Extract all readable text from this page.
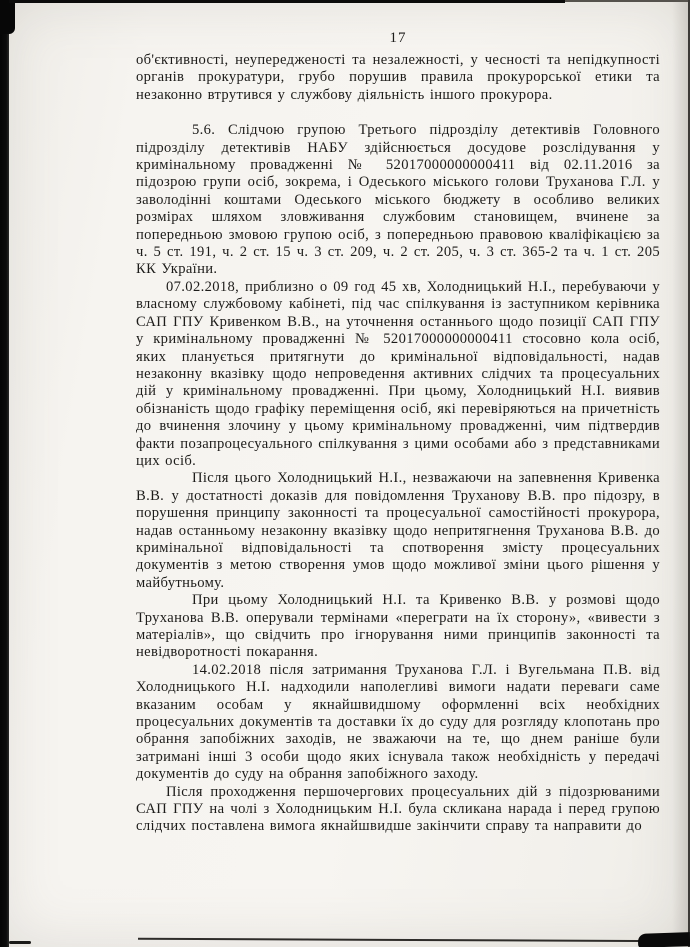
17

об'єктивності, неупередженості та незалежності, у чесності та непідкупності органів прокуратури, грубо порушив правила прокурорської етики та незаконно втрутився у службову діяльність іншого прокурора.

5.6. Слідчою групою Третього підрозділу детективів Головного підрозділу детективів НАБУ здійснюється досудове розслідування у кримінальному провадженні № 52017000000000411 від 02.11.2016 за підозрою групи осіб, зокрема, і Одеського міського голови Труханова Г.Л. у заволодінні коштами Одеського міського бюджету в особливо великих розмірах шляхом зловживання службовим становищем, вчинене за попередньою змовою групою осіб, з попередньою правовою кваліфікацією за ч. 5 ст. 191, ч. 2 ст. 15 ч. 3 ст. 209, ч. 2 ст. 205, ч. 3 ст. 365-2 та ч. 1 ст. 205 КК України.

07.02.2018, приблизно о 09 год 45 хв, Холодницький Н.І., перебуваючи у власному службовому кабінеті, під час спілкування із заступником керівника САП ГПУ Кривенком В.В., на уточнення останнього щодо позиції САП ГПУ у кримінальному провадженні № 52017000000000411 стосовно кола осіб, яких планується притягнути до кримінальної відповідальності, надав незаконну вказівку щодо непроведення активних слідчих та процесуальних дій у кримінальному провадженні. При цьому, Холодницький Н.І. виявив обізнаність щодо графіку переміщення осіб, які перевіряються на причетність до вчинення злочину у цьому кримінальному провадженні, чим підтвердив факти позапроцесуального спілкування з цими особами або з представниками цих осіб.

Після цього Холодницький Н.І., незважаючи на запевнення Кривенка В.В. у достатності доказів для повідомлення Труханову В.В. про підозру, в порушення принципу законності та процесуальної самостійності прокурора, надав останньому незаконну вказівку щодо непритягнення Труханова В.В. до кримінальної відповідальності та спотворення змісту процесуальних документів з метою створення умов щодо можливої зміни цього рішення у майбутньому.

При цьому Холодницький Н.І. та Кривенко В.В. у розмові щодо Труханова В.В. оперували термінами «переграти на їх сторону», «вивести з матеріалів», що свідчить про ігнорування ними принципів законності та невідворотності покарання.

14.02.2018 після затримання Труханова Г.Л. і Вугельмана П.В. від Холодницького Н.І. надходили наполегливі вимоги надати переваги саме вказаним особам у якнайшвидшому оформленні всіх необхідних процесуальних документів та доставки їх до суду для розгляду клопотань про обрання запобіжних заходів, не зважаючи на те, що днем раніше були затримані інші 3 особи щодо яких існувала також необхідність у передачі документів до суду на обрання запобіжного заходу.

Після проходження першочергових процесуальних дій з підозрюваними САП ГПУ на чолі з Холодницьким Н.І. була скликана нарада і перед групою слідчих поставлена вимога якнайшвидше закінчити справу та направити до
